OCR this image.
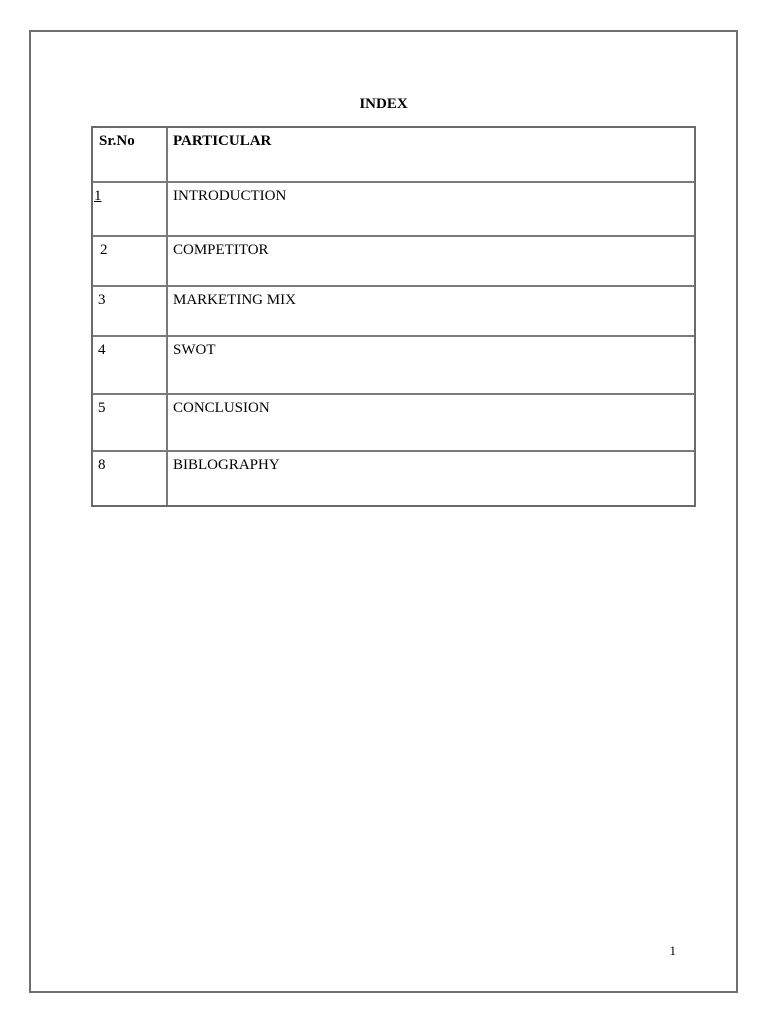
INDEX
Sr.No	PARTICULAR
1	INTRODUCTION
2	COMPETITOR
3	MARKETING MIX
4	SWOT
5	CONCLUSION
8	BIBLOGRAPHY
1
